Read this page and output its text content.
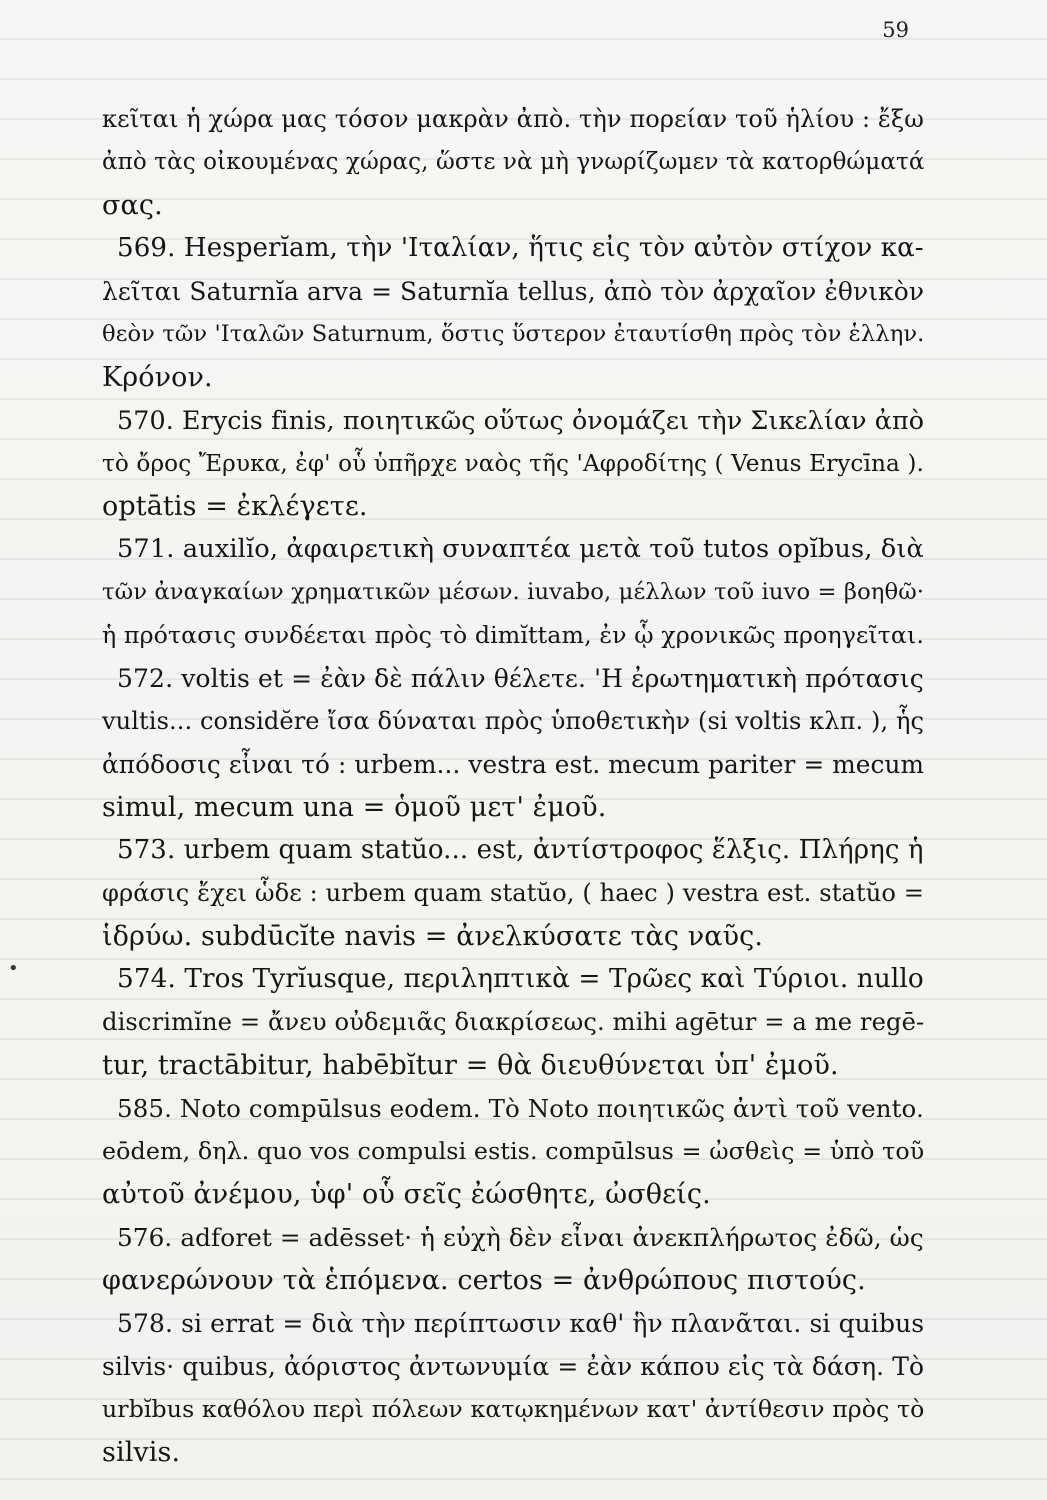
59
•
κεῖται ἡ χώρα μας τόσον μακρὰν ἀπὸ. τὴν πορείαν τοῦ ἡλίου : ἔξω
ἀπὸ τὰς οἰκουμένας χώρας, ὥστε νὰ μὴ γνωρίζωμεν τὰ κατορθώματά
σας.
569. Hesperĭam, τὴν 'Ιταλίαν, ἥτις εἰς τὸν αὐτὸν στίχον κα-
λεῖται Saturnĭa arva = Saturnĭa tellus, ἀπὸ τὸν ἀρχαῖον ἐθνικὸν
θεὸν τῶν 'Ιταλῶν Saturnum, ὅστις ὕστερον ἐταυτίσθη πρὸς τὸν ἑλλην.
Κρόνον.
570. Erycis finis, ποιητικῶς οὕτως ὀνομάζει τὴν Σικελίαν ἀπὸ
τὸ ὄρος Ἔρυκα, ἐφ' οὗ ὑπῆρχε ναὸς τῆς 'Αφροδίτης ( Venus Erycīna ).
optātis = ἐκλέγετε.
571. auxilĭo, ἀφαιρετικὴ συναπτέα μετὰ τοῦ tutos opĭbus, διὰ
τῶν ἀναγκαίων χρηματικῶν μέσων. iuvabo, μέλλων τοῦ iuvo = βοηθῶ·
ἡ πρότασις συνδέεται πρὸς τὸ dimĭttam, ἐν ᾧ χρονικῶς προηγεῖται.
572. voltis et = ἐὰν δὲ πάλιν θέλετε. 'Η ἐρωτηματικὴ πρότασις
vultis... considĕre ἴσα δύναται πρὸς ὑποθετικὴν (si voltis κλπ. ), ἧς
ἀπόδοσις εἶναι τό : urbem... vestra est. mecum pariter = mecum
simul, mecum una = ὁμοῦ μετ' ἐμοῦ.
573. urbem quam statŭo... est, ἀντίστροφος ἕλξις. Πλήρης ἡ
φράσις ἔχει ὧδε : urbem quam statŭo, ( haec ) vestra est. statŭo =
ἱδρύω. subdūcĭte navis = ἀνελκύσατε τὰς ναῦς.
574. Tros Tyrĭusque, περιληπτικὰ = Τρῶες καὶ Τύριοι. nullo
discrimĭne = ἄνευ οὐδεμιᾶς διακρίσεως. mihi agētur = a me regē-
tur, tractābitur, habēbĭtur = θὰ διευθύνεται ὑπ' ἐμοῦ.
585. Noto compūlsus eodem. Τὸ Noto ποιητικῶς ἀντὶ τοῦ vento.
eōdem, δηλ. quo vos compulsi estis. compūlsus = ὠσθεὶς = ὑπὸ τοῦ
αὐτοῦ ἀνέμου, ὑφ' οὗ σεῖς ἐώσθητε, ὠσθείς.
576. adforet = adēsset· ἡ εὐχὴ δὲν εἶναι ἀνεκπλήρωτος ἐδῶ, ὡς
φανερώνουν τὰ ἑπόμενα. certos = ἀνθρώπους πιστούς.
578. si errat = διὰ τὴν περίπτωσιν καθ' ἣν πλανᾶται. si quibus
silvis· quibus, ἀόριστος ἀντωνυμία = ἐὰν κάπου εἰς τὰ δάση. Τὸ
urbĭbus καθόλου περὶ πόλεων κατῳκημένων κατ' ἀντίθεσιν πρὸς τὸ
silvis.
